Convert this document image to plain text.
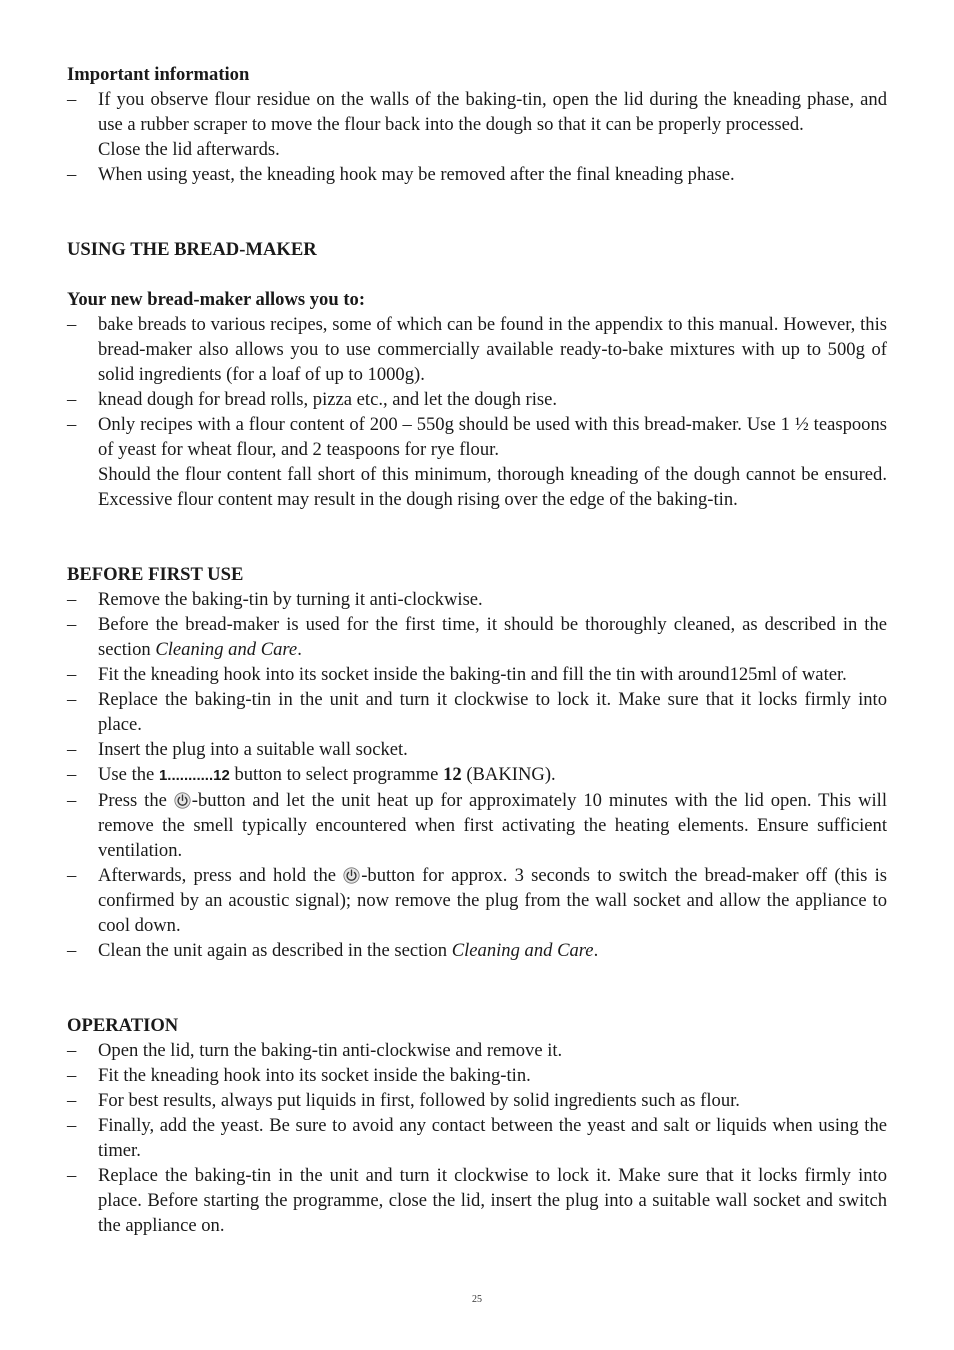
Important information

– If you observe flour residue on the walls of the baking-tin, open the lid during the kneading phase, and use a rubber scraper to move the flour back into the dough so that it can be properly processed.

Close the lid afterwards.

– When using yeast, the kneading hook may be removed after the final kneading phase.

USING THE BREAD-MAKER

Your new bread-maker allows you to:

– bake breads to various recipes, some of which can be found in the appendix to this manual. However, this bread-maker also allows you to use commercially available ready-to-bake mixtures with up to 500g of solid ingredients (for a loaf of up to 1000g).

– knead dough for bread rolls, pizza etc., and let the dough rise.

– Only recipes with a flour content of 200 – 550g should be used with this bread-maker. Use 1 ½ teaspoons of yeast for wheat flour, and 2 teaspoons for rye flour.

Should the flour content fall short of this minimum, thorough kneading of the dough cannot be ensured. Excessive flour content may result in the dough rising over the edge of the baking-tin.

BEFORE FIRST USE

– Remove the baking-tin by turning it anti-clockwise.

– Before the bread-maker is used for the first time, it should be thoroughly cleaned, as described in the section Cleaning and Care.

– Fit the kneading hook into its socket inside the baking-tin and fill the tin with around125ml of water.

– Replace the baking-tin in the unit and turn it clockwise to lock it. Make sure that it locks firmly into place.

– Insert the plug into a suitable wall socket.

– Use the 1...........12 button to select programme 12 (BAKING).

– Press the -button and let the unit heat up for approximately 10 minutes with the lid open. This will remove the smell typically encountered when first activating the heating elements. Ensure sufficient ventilation.

– Afterwards, press and hold the -button for approx. 3 seconds to switch the bread-maker off (this is confirmed by an acoustic signal); now remove the plug from the wall socket and allow the appliance to cool down.

– Clean the unit again as described in the section Cleaning and Care.

OPERATION

– Open the lid, turn the baking-tin anti-clockwise and remove it.

– Fit the kneading hook into its socket inside the baking-tin.

– For best results, always put liquids in first, followed by solid ingredients such as flour.

– Finally, add the yeast. Be sure to avoid any contact between the yeast and salt or liquids when using the timer.

– Replace the baking-tin in the unit and turn it clockwise to lock it. Make sure that it locks firmly into place. Before starting the programme, close the lid, insert the plug into a suitable wall socket and switch the appliance on.

25
